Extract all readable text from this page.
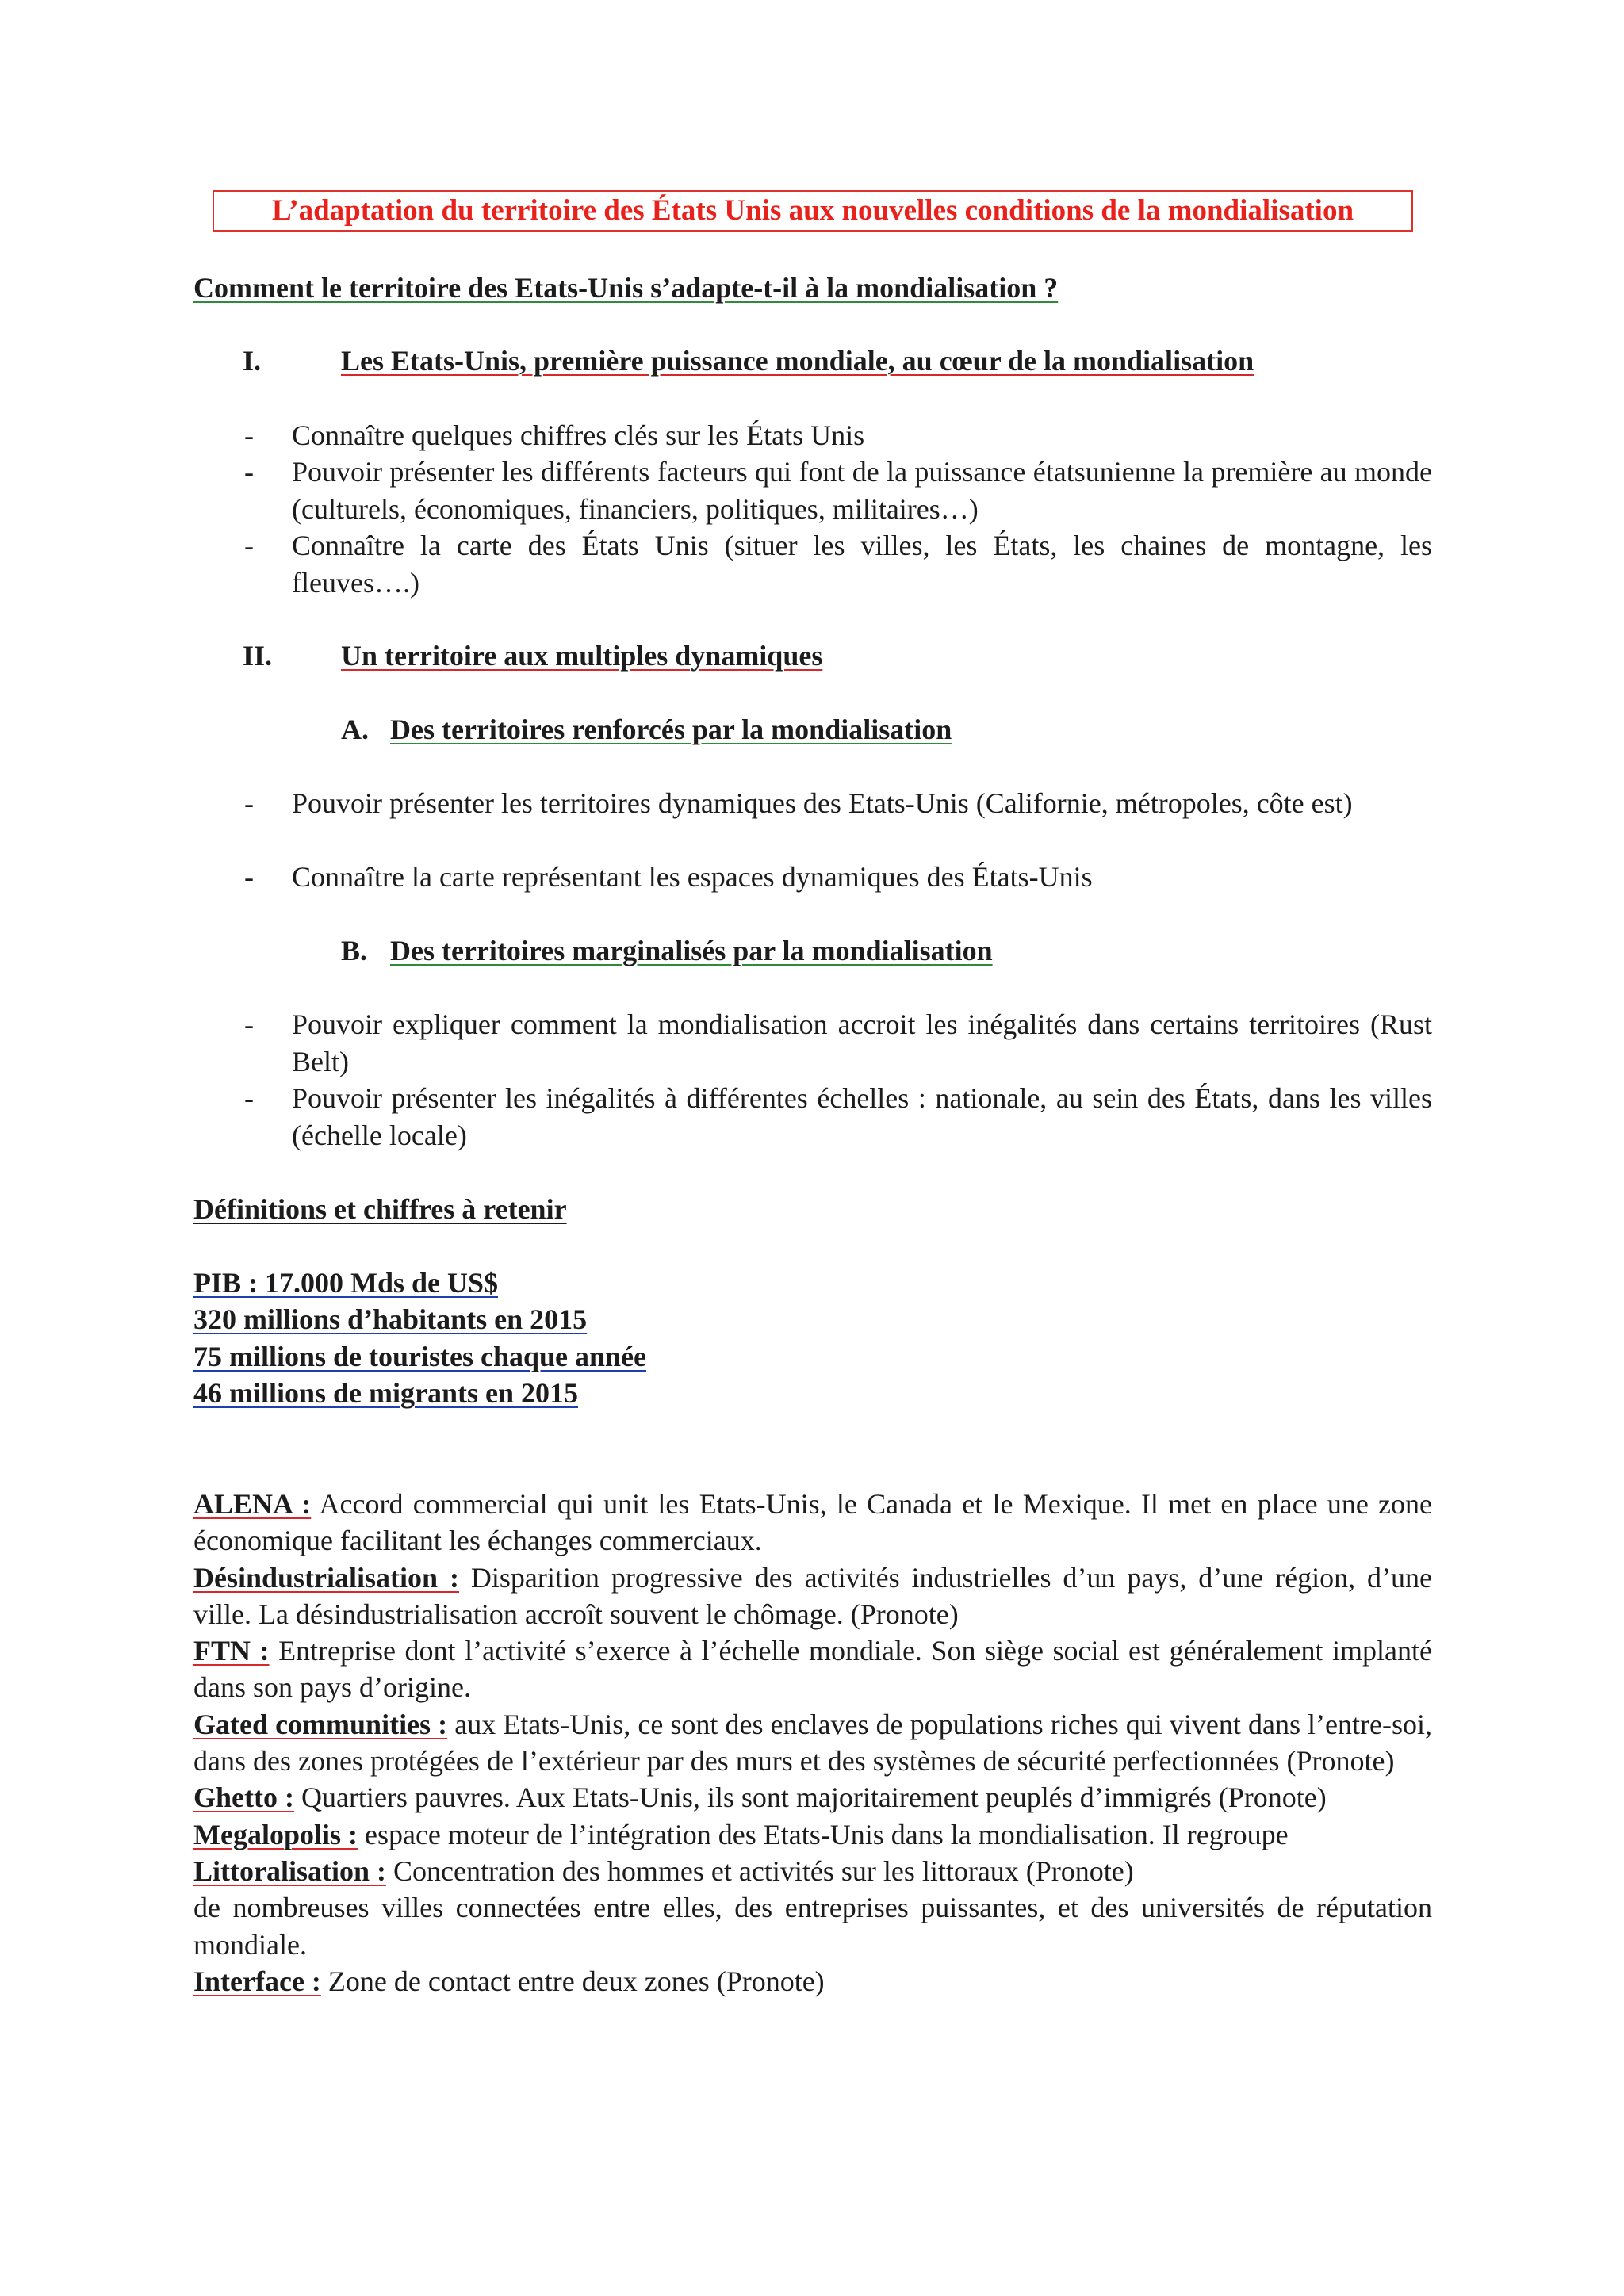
L’adaptation du territoire des États Unis aux nouvelles conditions de la mondialisation
Comment le territoire des Etats-Unis s’adapte-t-il à la mondialisation ?
I.	Les Etats-Unis, première puissance mondiale, au cœur de la mondialisation
- Connaître quelques chiffres clés sur les États Unis
- Pouvoir présenter les différents facteurs qui font de la puissance étatsunienne la première au monde (culturels, économiques, financiers, politiques, militaires…)
- Connaître la carte des États Unis (situer les villes, les États, les chaines de montagne, les fleuves….)
II. Un territoire aux multiples dynamiques
A. Des territoires renforcés par la mondialisation
- Pouvoir présenter les territoires dynamiques des Etats-Unis (Californie, métropoles, côte est)
- Connaître la carte représentant les espaces dynamiques des États-Unis
B. Des territoires marginalisés par la mondialisation
- Pouvoir expliquer comment la mondialisation accroit les inégalités dans certains territoires (Rust Belt)
- Pouvoir présenter les inégalités à différentes échelles : nationale, au sein des États, dans les villes (échelle locale)
Définitions et chiffres à retenir
PIB : 17.000 Mds de US$
320 millions d’habitants en 2015
75 millions de touristes chaque année
46 millions de migrants en 2015

ALENA : Accord commercial qui unit les Etats-Unis, le Canada et le Mexique. Il met en place une zone économique facilitant les échanges commerciaux.

Désindustrialisation : Disparition progressive des activités industrielles d’un pays, d’une région, d’une ville. La désindustrialisation accroît souvent le chômage. (Pronote)

FTN : Entreprise dont l’activité s’exerce à l’échelle mondiale. Son siège social est généralement implanté dans son pays d’origine.

Gated communities : aux Etats-Unis, ce sont des enclaves de populations riches qui vivent dans l’entre-soi, dans des zones protégées de l’extérieur par des murs et des systèmes de sécurité perfectionnées (Pronote)

Ghetto : Quartiers pauvres. Aux Etats-Unis, ils sont majoritairement peuplés d’immigrés (Pronote)

Megalopolis : espace moteur de l’intégration des Etats-Unis dans la mondialisation. Il regroupe

Littoralisation : Concentration des hommes et activités sur les littoraux (Pronote)

de nombreuses villes connectées entre elles, des entreprises puissantes, et des universités de réputation mondiale.

Interface : Zone de contact entre deux zones (Pronote)
